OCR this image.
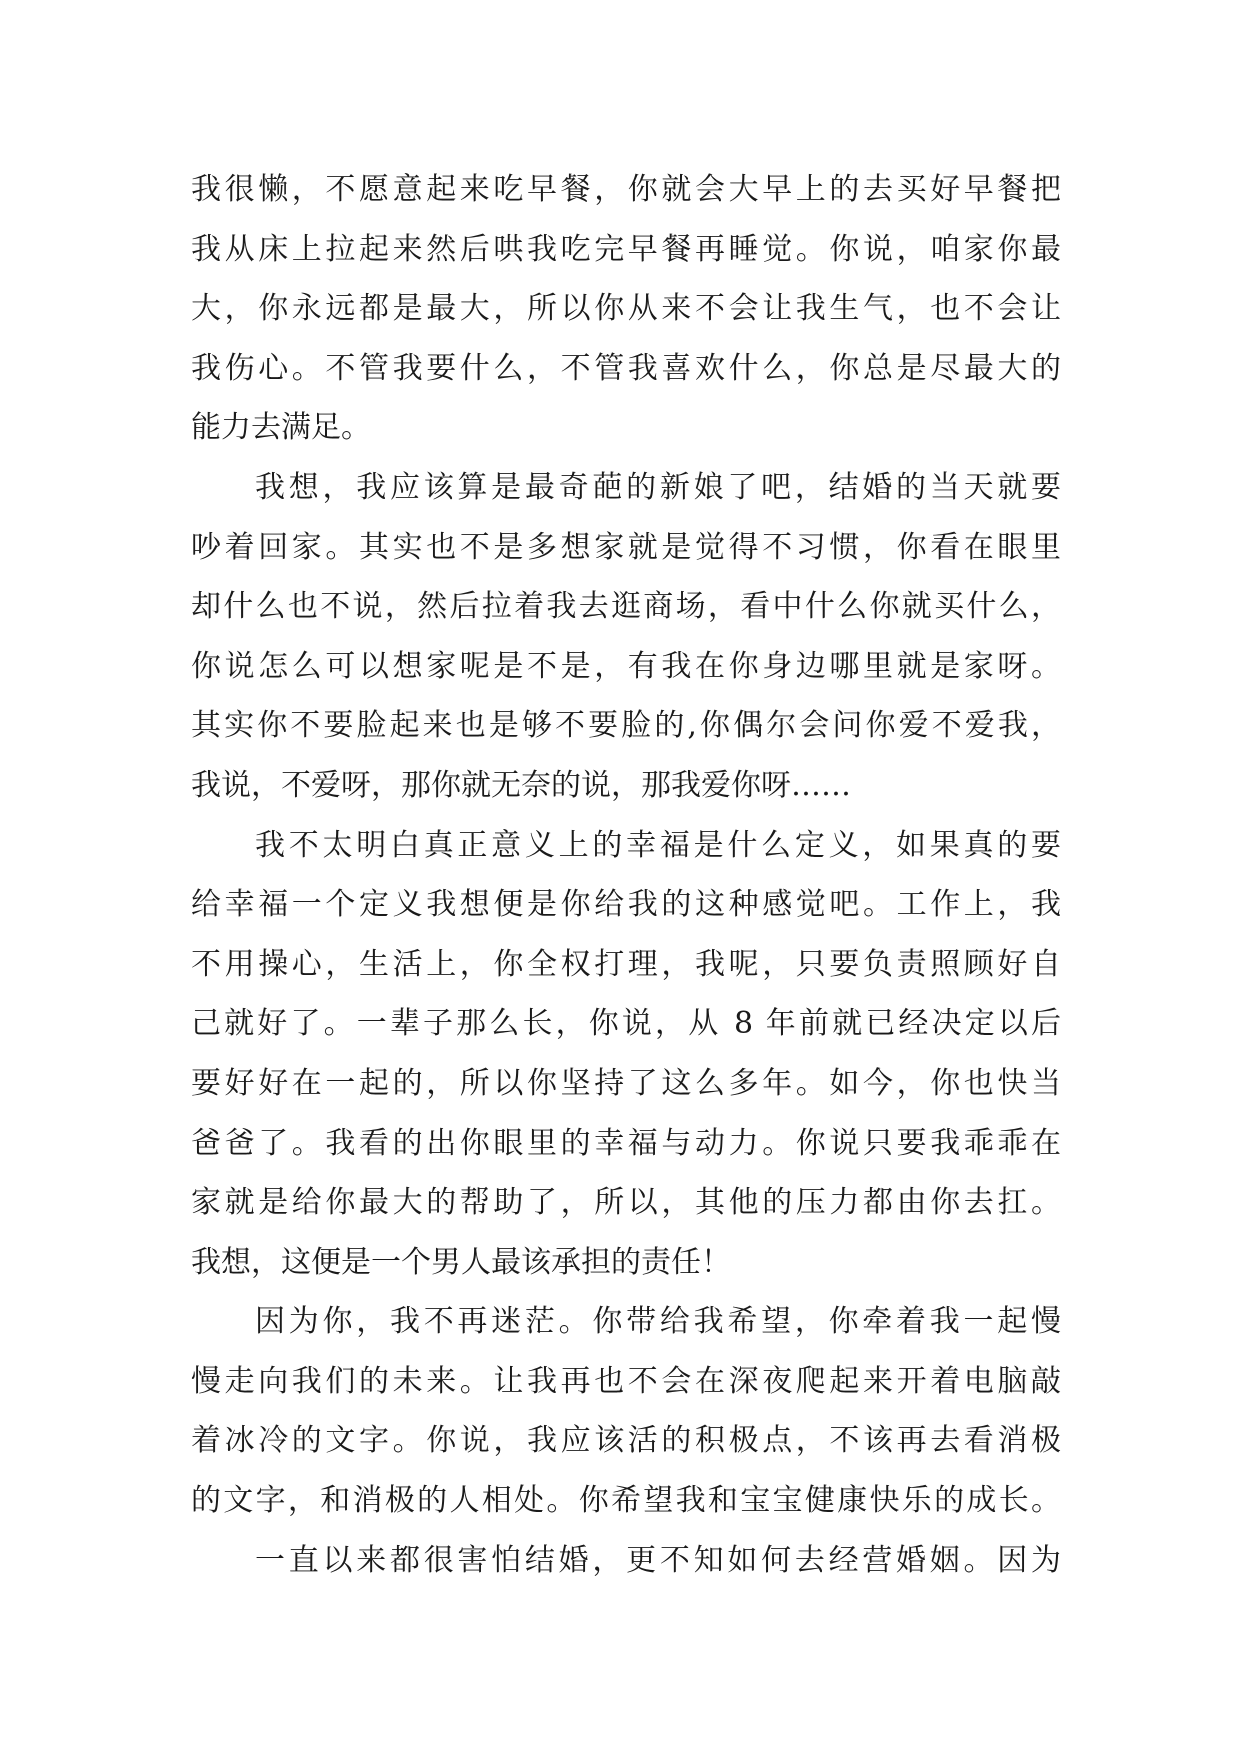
我很懒，不愿意起来吃早餐，你就会大早上的去买好早餐把
我从床上拉起来然后哄我吃完早餐再睡觉。你说，咱家你最
大，你永远都是最大，所以你从来不会让我生气，也不会让
我伤心。不管我要什么，不管我喜欢什么，你总是尽最大的
能力去满足。
我想，我应该算是最奇葩的新娘了吧，结婚的当天就要
吵着回家。其实也不是多想家就是觉得不习惯，你看在眼里
却什么也不说，然后拉着我去逛商场，看中什么你就买什么，
你说怎么可以想家呢是不是，有我在你身边哪里就是家呀。
其实你不要脸起来也是够不要脸的,你偶尔会问你爱不爱我，
我说，不爱呀，那你就无奈的说，那我爱你呀……
我不太明白真正意义上的幸福是什么定义，如果真的要
给幸福一个定义我想便是你给我的这种感觉吧。工作上，我
不用操心，生活上，你全权打理，我呢，只要负责照顾好自
己就好了。一辈子那么长，你说，从 8 年前就已经决定以后
要好好在一起的，所以你坚持了这么多年。如今，你也快当
爸爸了。我看的出你眼里的幸福与动力。你说只要我乖乖在
家就是给你最大的帮助了，所以，其他的压力都由你去扛。
我想，这便是一个男人最该承担的责任！
因为你，我不再迷茫。你带给我希望，你牵着我一起慢
慢走向我们的未来。让我再也不会在深夜爬起来开着电脑敲
着冰冷的文字。你说，我应该活的积极点，不该再去看消极
的文字，和消极的人相处。你希望我和宝宝健康快乐的成长。
一直以来都很害怕结婚，更不知如何去经营婚姻。因为
